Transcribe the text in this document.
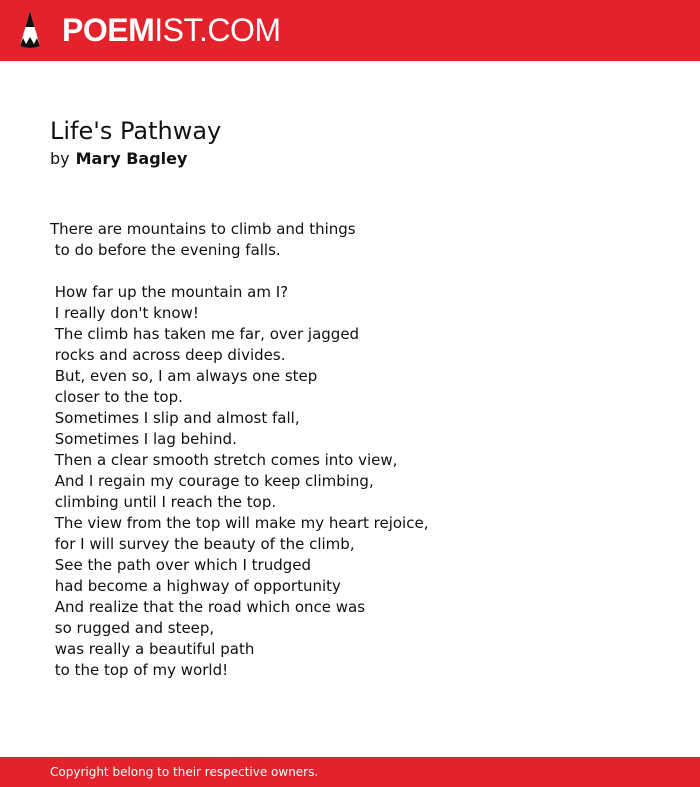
POEMIST.COM
Life's Pathway
by Mary Bagley
There are mountains to climb and things
to do before the evening falls.
How far up the mountain am I?
I really don't know!
The climb has taken me far, over jagged
rocks and across deep divides.
But, even so, I am always one step
closer to the top.
Sometimes I slip and almost fall,
Sometimes I lag behind.
Then a clear smooth stretch comes into view,
And I regain my courage to keep climbing,
climbing until I reach the top.
The view from the top will make my heart rejoice,
for I will survey the beauty of the climb,
See the path over which I trudged
had become a highway of opportunity
And realize that the road which once was
so rugged and steep,
was really a beautiful path
to the top of my world!
Copyright belong to their respective owners.
